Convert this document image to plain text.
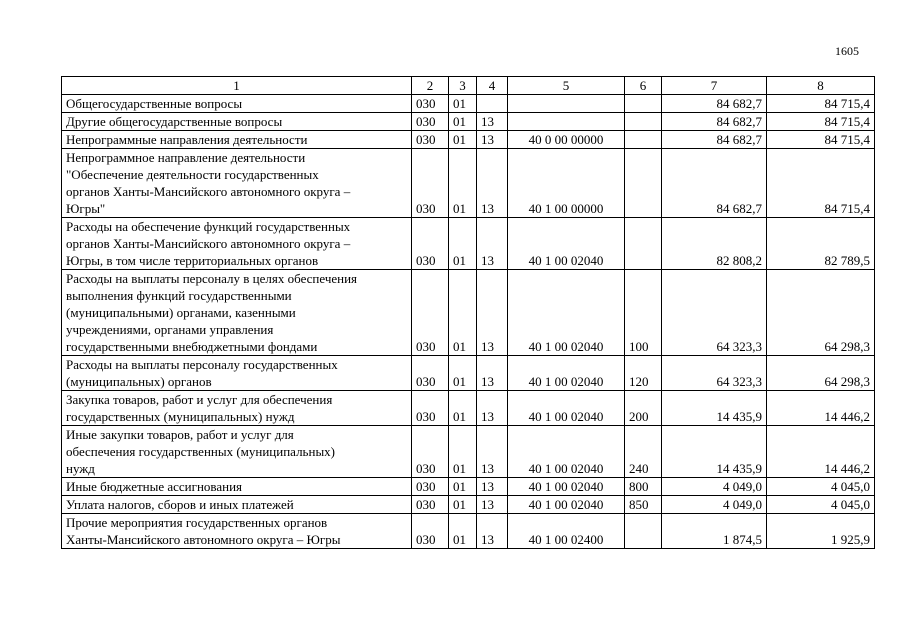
1605
1	2	3	4	5	6	7	8
Общегосударственные вопросы	030	01				84 682,7	84 715,4
Другие общегосударственные вопросы	030	01	13			84 682,7	84 715,4
Непрограммные направления деятельности	030	01	13	40 0 00 00000		84 682,7	84 715,4
Непрограммное направление деятельности
"Обеспечение деятельности государственных
органов Ханты-Мансийского автономного округа –
Югры"	030	01	13	40 1 00 00000		84 682,7	84 715,4
Расходы на обеспечение функций государственных
органов Ханты-Мансийского автономного округа –
Югры, в том числе территориальных органов	030	01	13	40 1 00 02040		82 808,2	82 789,5
Расходы на выплаты персоналу в целях обеспечения
выполнения функций государственными
(муниципальными) органами, казенными
учреждениями, органами управления
государственными внебюджетными фондами	030	01	13	40 1 00 02040	100	64 323,3	64 298,3
Расходы на выплаты персоналу государственных
(муниципальных) органов	030	01	13	40 1 00 02040	120	64 323,3	64 298,3
Закупка товаров, работ и услуг для обеспечения
государственных (муниципальных) нужд	030	01	13	40 1 00 02040	200	14 435,9	14 446,2
Иные закупки товаров, работ и услуг для
обеспечения государственных (муниципальных)
нужд	030	01	13	40 1 00 02040	240	14 435,9	14 446,2
Иные бюджетные ассигнования	030	01	13	40 1 00 02040	800	4 049,0	4 045,0
Уплата налогов, сборов и иных платежей	030	01	13	40 1 00 02040	850	4 049,0	4 045,0
Прочие мероприятия государственных органов
Ханты-Мансийского автономного округа – Югры	030	01	13	40 1 00 02400		1 874,5	1 925,9
